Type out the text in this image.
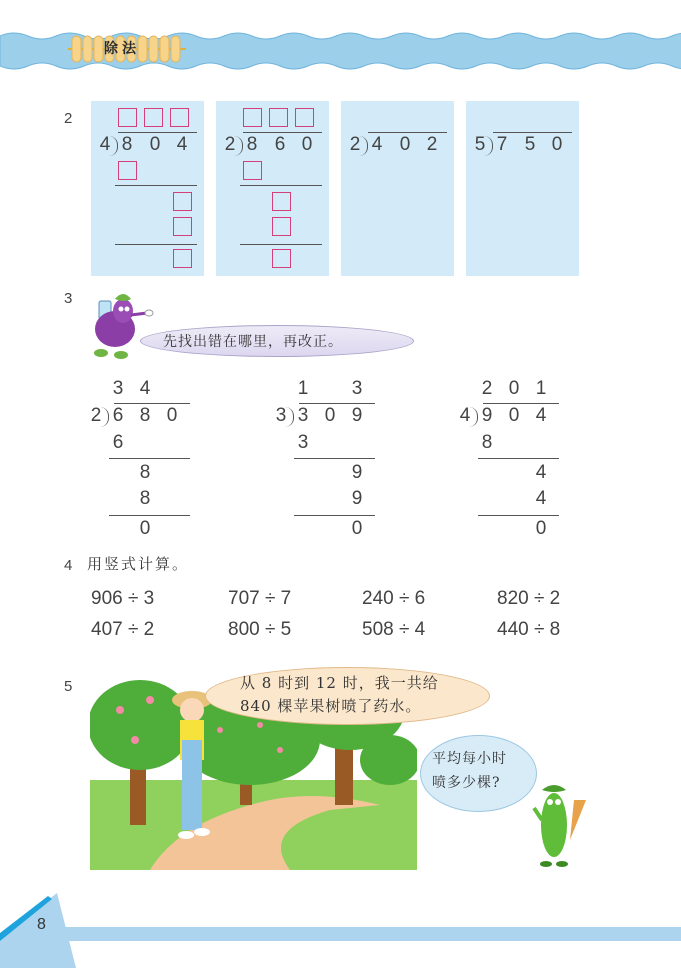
除法
2
4 8 0 4 2 8 6 0 2 4 0 2 5 7 5 0
3
先找出错在哪里，再改正。
3 4
2 6 8 0
6
8
8
0
1 3
3 3 0 9
3
9
9
0
2 0 1
4 9 0 4
8
4
4
0
4 用竖式计算。
906 ÷ 3	707 ÷ 7	240 ÷ 6	820 ÷ 2
407 ÷ 2	800 ÷ 5	508 ÷ 4	440 ÷ 8
5	从 8 时到 12 时，我一共给
840 棵苹果树喷了药水。
平均每小时
喷多少棵?
8
